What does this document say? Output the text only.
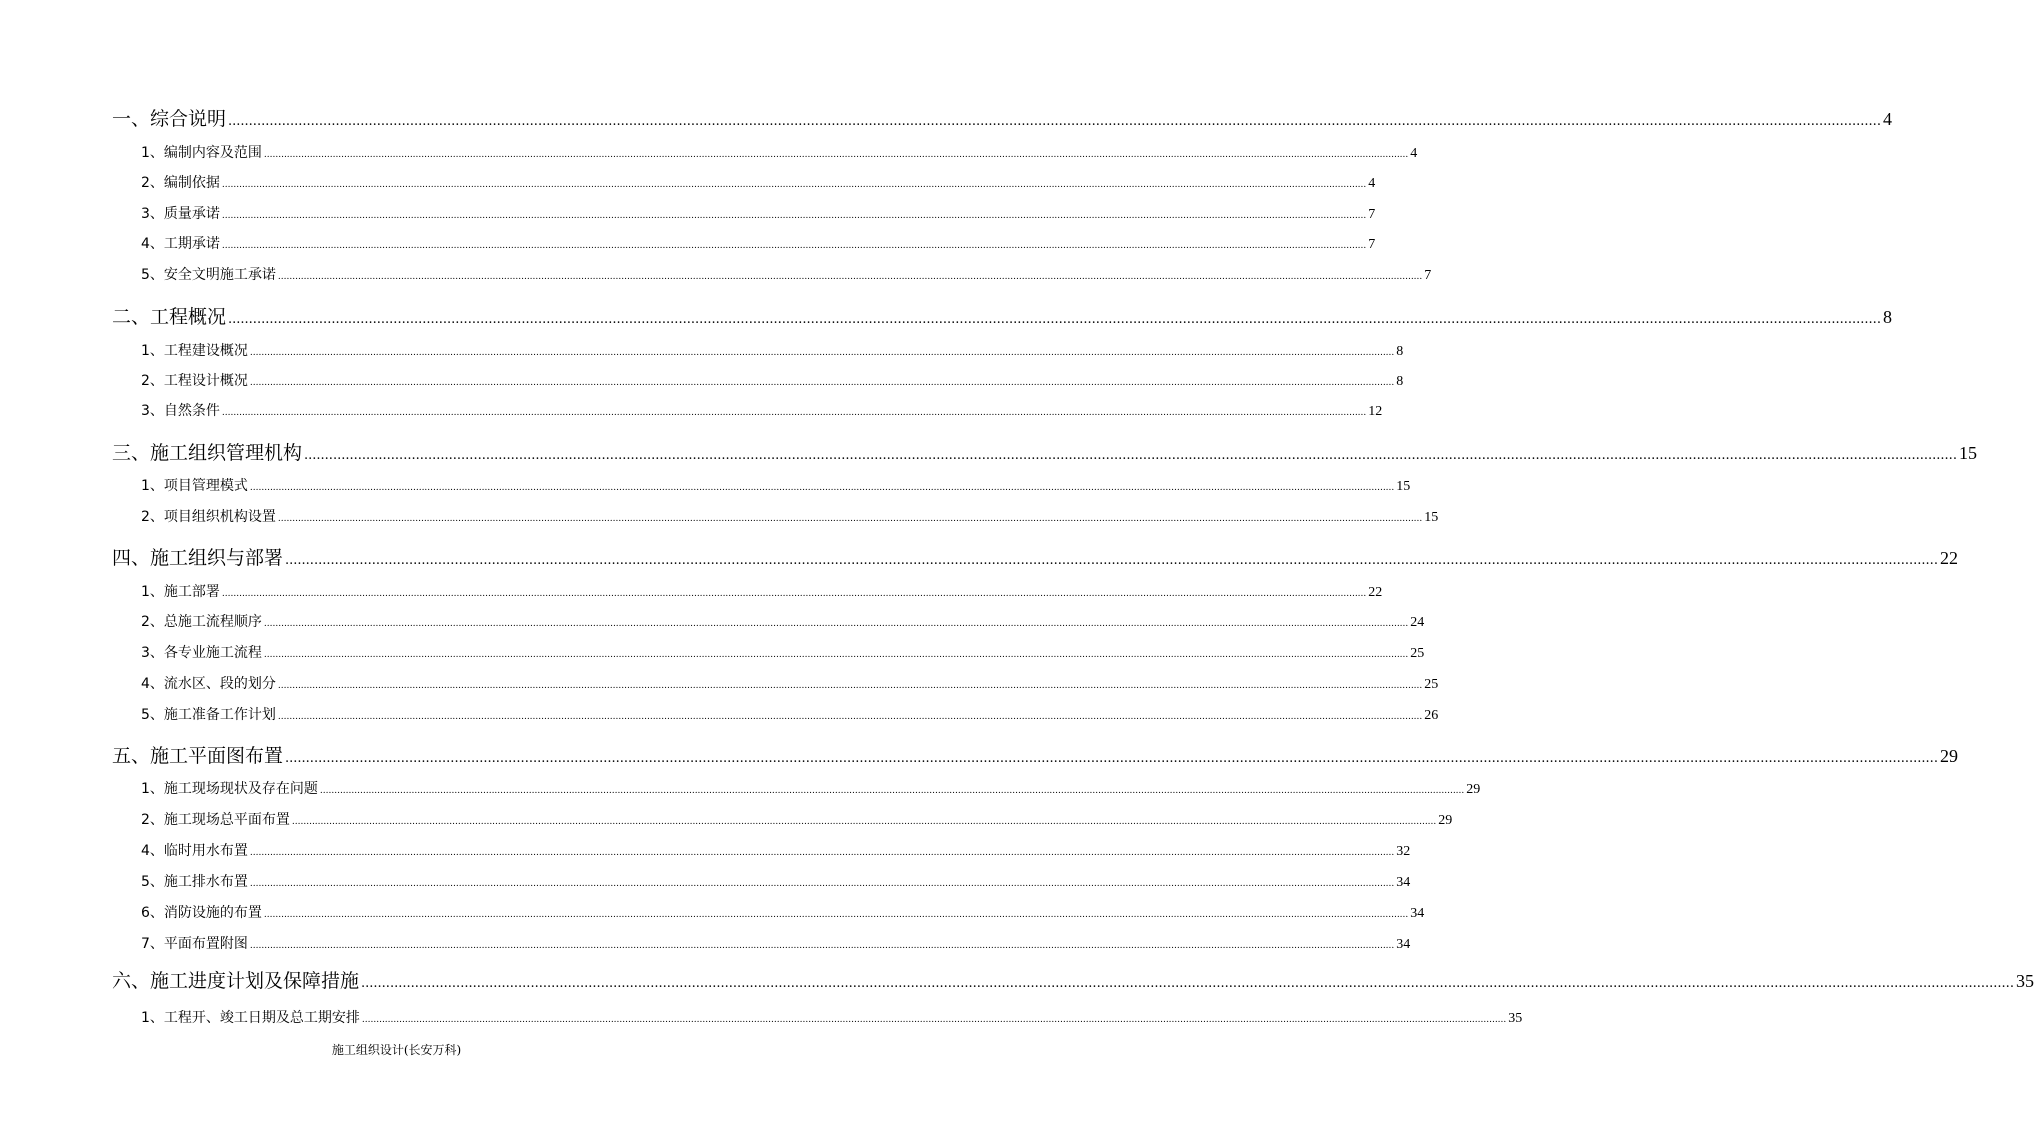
一、综合说明 ................................................................................................................................................................................................................................................................................................................................................................................................................ 4
1、编制内容及范围 ................................................................................................................................................................................................................................................................................................................................................................................................................ 4
2、编制依据 ................................................................................................................................................................................................................................................................................................................................................................................................................ 4
3、质量承诺 ................................................................................................................................................................................................................................................................................................................................................................................................................ 7
4、工期承诺 ................................................................................................................................................................................................................................................................................................................................................................................................................ 7
5、安全文明施工承诺 ................................................................................................................................................................................................................................................................................................................................................................................................................ 7
二、工程概况 ................................................................................................................................................................................................................................................................................................................................................................................................................ 8
1、工程建设概况 ................................................................................................................................................................................................................................................................................................................................................................................................................ 8
2、工程设计概况 ................................................................................................................................................................................................................................................................................................................................................................................................................ 8
3、自然条件 ................................................................................................................................................................................................................................................................................................................................................................................................................ 12
三、施工组织管理机构 ................................................................................................................................................................................................................................................................................................................................................................................................................ 15
1、项目管理模式 ................................................................................................................................................................................................................................................................................................................................................................................................................ 15
2、项目组织机构设置 ................................................................................................................................................................................................................................................................................................................................................................................................................ 15
四、施工组织与部署 ................................................................................................................................................................................................................................................................................................................................................................................................................ 22
1、施工部署 ................................................................................................................................................................................................................................................................................................................................................................................................................ 22
2、总施工流程顺序 ................................................................................................................................................................................................................................................................................................................................................................................................................ 24
3、各专业施工流程 ................................................................................................................................................................................................................................................................................................................................................................................................................ 25
4、流水区、段的划分 ................................................................................................................................................................................................................................................................................................................................................................................................................ 25
5、施工准备工作计划 ................................................................................................................................................................................................................................................................................................................................................................................................................ 26
五、施工平面图布置 ................................................................................................................................................................................................................................................................................................................................................................................................................ 29
1、施工现场现状及存在问题 ................................................................................................................................................................................................................................................................................................................................................................................................................ 29
2、施工现场总平面布置 ................................................................................................................................................................................................................................................................................................................................................................................................................ 29
4、临时用水布置 ................................................................................................................................................................................................................................................................................................................................................................................................................ 32
5、施工排水布置 ................................................................................................................................................................................................................................................................................................................................................................................................................ 34
6、消防设施的布置 ................................................................................................................................................................................................................................................................................................................................................................................................................ 34
7、平面布置附图 ................................................................................................................................................................................................................................................................................................................................................................................................................ 34
六、施工进度计划及保障措施 ................................................................................................................................................................................................................................................................................................................................................................................................................ 35
1、工程开、竣工日期及总工期安排 ................................................................................................................................................................................................................................................................................................................................................................................................................ 35
施工组织设计(长安万科)
